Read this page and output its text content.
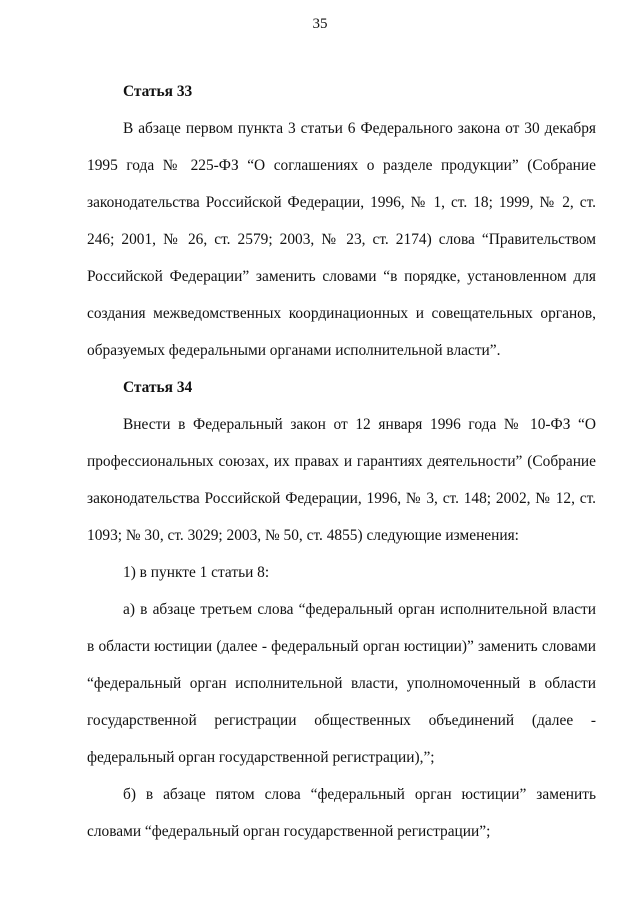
35

Статья 33

В абзаце первом пункта 3 статьи 6 Федерального закона от 30 декабря 1995 года № 225-ФЗ “О соглашениях о разделе продукции” (Собрание законодательства Российской Федерации, 1996, № 1, ст. 18; 1999, № 2, ст. 246; 2001, № 26, ст. 2579; 2003, № 23, ст. 2174) слова “Правительством Российской Федерации” заменить словами “в порядке, установленном для создания межведомственных координационных и совещательных органов, образуемых федеральными органами исполнительной власти”.

Статья 34

Внести в Федеральный закон от 12 января 1996 года № 10-ФЗ “О профессиональных союзах, их правах и гарантиях деятельности” (Собрание законодательства Российской Федерации, 1996, № 3, ст. 148; 2002, № 12, ст. 1093; № 30, ст. 3029; 2003, № 50, ст. 4855) следующие изменения:

1) в пункте 1 статьи 8:

а) в абзаце третьем слова “федеральный орган исполнительной власти в области юстиции (далее - федеральный орган юстиции)” заменить словами “федеральный орган исполнительной власти, уполномоченный в области государственной регистрации общественных объединений (далее - федеральный орган государственной регистрации),”;

б) в абзаце пятом слова “федеральный орган юстиции” заменить словами “федеральный орган государственной регистрации”;
